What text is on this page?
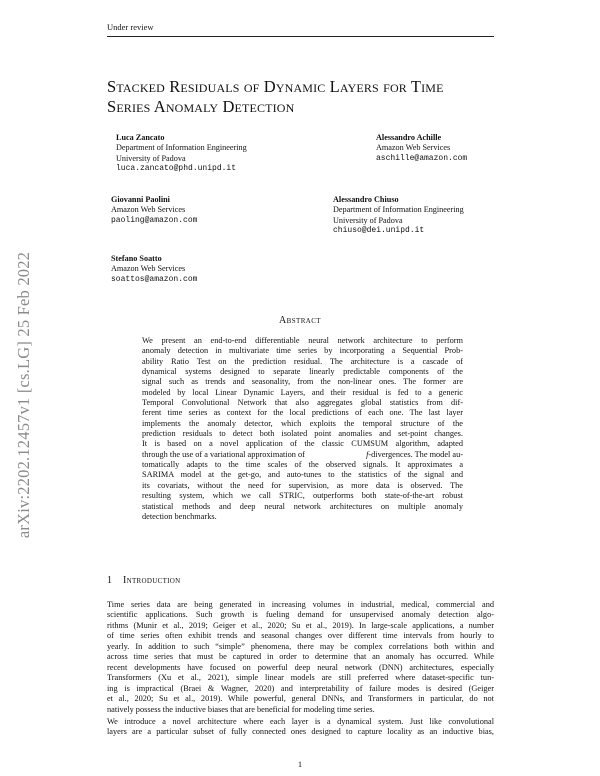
Under review
arXiv:2202.12457v1 [cs.LG] 25 Feb 2022
Stacked Residuals of Dynamic Layers for Time
Series Anomaly Detection
Luca Zancato
Department of Information Engineering
University of Padova
luca.zancato@phd.unipd.it
Alessandro Achille
Amazon Web Services
aschille@amazon.com
Giovanni Paolini
Amazon Web Services
paoling@amazon.com
Alessandro Chiuso
Department of Information Engineering
University of Padova
chiuso@dei.unipd.it
Stefano Soatto
Amazon Web Services
soattos@amazon.com
Abstract
We present an end-to-end differentiable neural network architecture to perform
anomaly detection in multivariate time series by incorporating a Sequential Prob-
ability Ratio Test on the prediction residual. The architecture is a cascade of
dynamical systems designed to separate linearly predictable components of the
signal such as trends and seasonality, from the non-linear ones. The former are
modeled by local Linear Dynamic Layers, and their residual is fed to a generic
Temporal Convolutional Network that also aggregates global statistics from dif-
ferent time series as context for the local predictions of each one. The last layer
implements the anomaly detector, which exploits the temporal structure of the
prediction residuals to detect both isolated point anomalies and set-point changes.
It is based on a novel application of the classic CUMSUM algorithm, adapted
through the use of a variational approximation of	f-divergences. The model au-
tomatically adapts to the time scales of the observed signals. It approximates a
SARIMA model at the get-go, and auto-tunes to the statistics of the signal and
its covariats, without the need for supervision, as more data is observed. The
resulting system, which we call STRIC, outperforms both state-of-the-art robust
statistical methods and deep neural network architectures on multiple anomaly
detection benchmarks.
1 Introduction
Time series data are being generated in increasing volumes in industrial, medical, commercial and
scientific applications. Such growth is fueling demand for unsupervised anomaly detection algo-
rithms (Munir et al., 2019; Geiger et al., 2020; Su et al., 2019). In large-scale applications, a number
of time series often exhibit trends and seasonal changes over different time intervals from hourly to
yearly. In addition to such “simple” phenomena, there may be complex correlations both within and
across time series that must be captured in order to determine that an anomaly has occurred. While
recent developments have focused on powerful deep neural network (DNN) architectures, especially
Transformers (Xu et al., 2021), simple linear models are still preferred where dataset-specific tun-
ing is impractical (Braei & Wagner, 2020) and interpretability of failure modes is desired (Geiger
et al., 2020; Su et al., 2019). While powerful, general DNNs, and Transformers in particular, do not
natively possess the inductive biases that are beneficial for modeling time series.
We introduce a novel architecture where each layer is a dynamical system. Just like convolutional
layers are a particular subset of fully connected ones designed to capture locality as an inductive bias,
1
